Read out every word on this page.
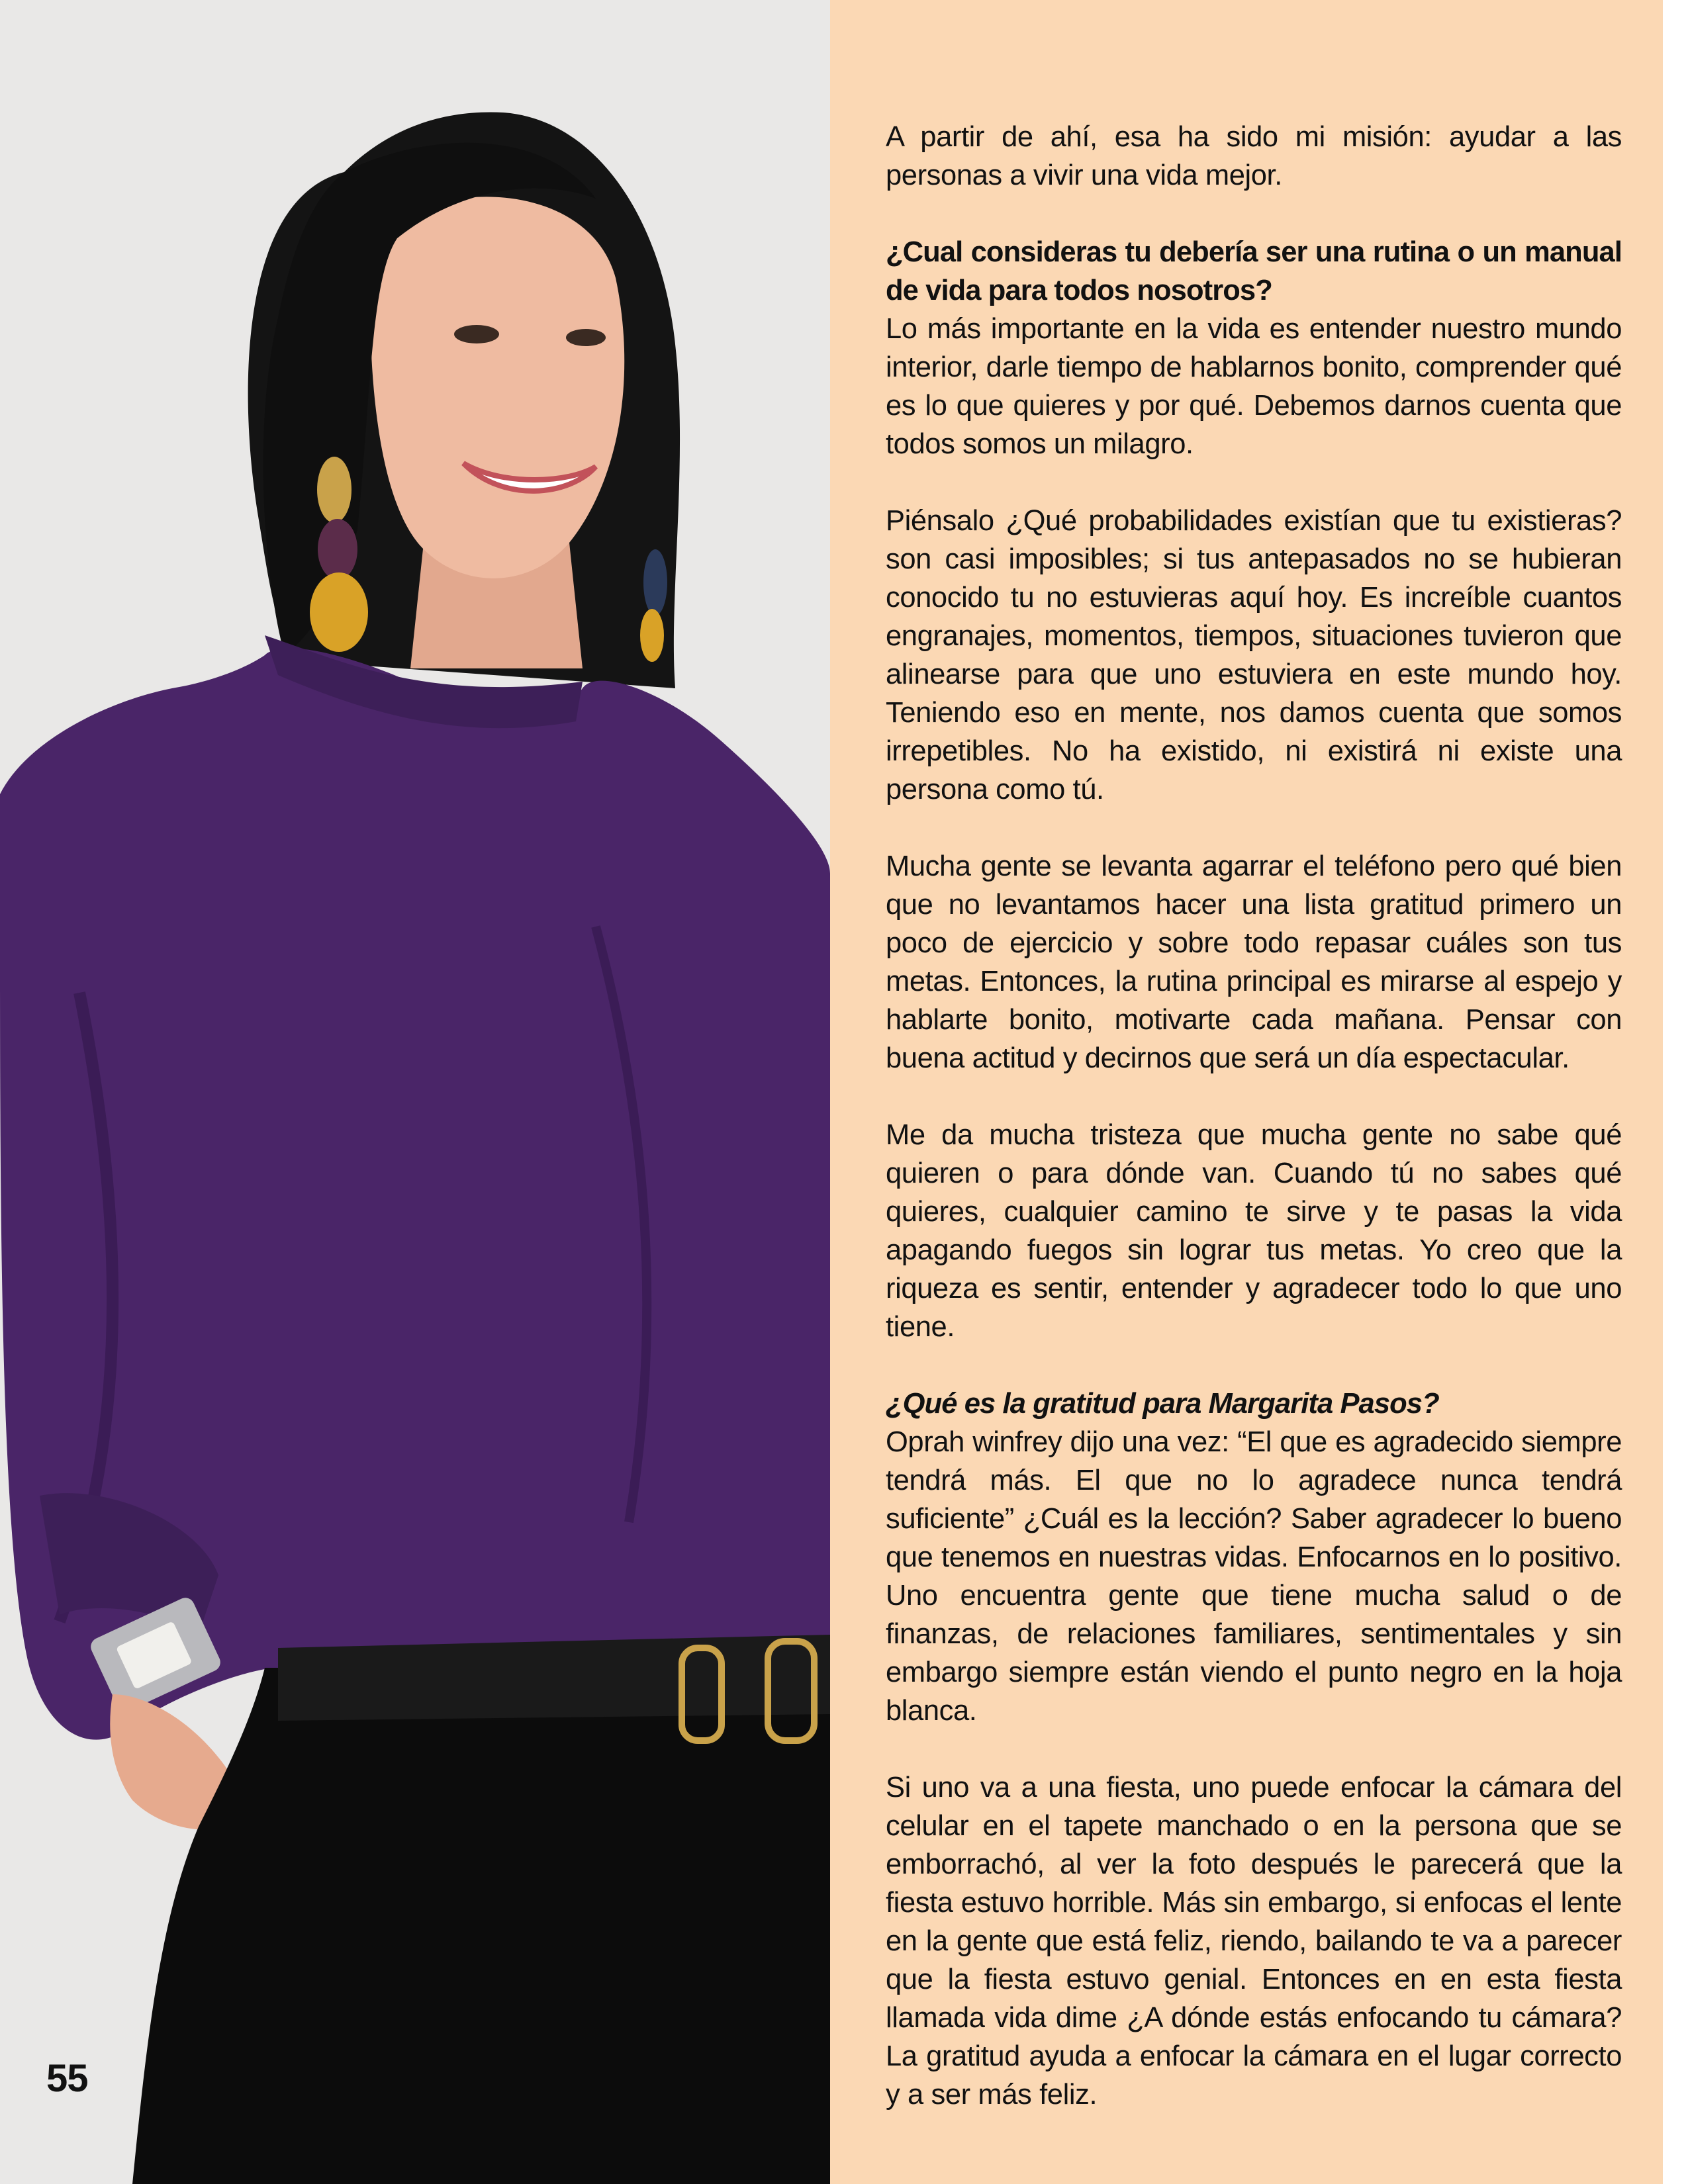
A partir de ahí, esa ha sido mi misión: ayudar a las personas a vivir una vida mejor.

¿Cual consideras tu debería ser una rutina o un manual de vida para todos nosotros?

Lo más importante en la vida es entender nuestro mundo interior, darle tiempo de hablarnos bonito, comprender qué es lo que quieres y por qué. Debemos darnos cuenta que todos somos un milagro.

Piénsalo ¿Qué probabilidades existían que tu existieras? son casi imposibles; si tus antepasados no se hubieran conocido tu no estuvieras aquí hoy. Es increíble cuantos engranajes, momentos, tiempos, situaciones tuvieron que alinearse para que uno estuviera en este mundo hoy. Teniendo eso en mente, nos damos cuenta que somos irrepetibles. No ha existido, ni existirá ni existe una persona como tú.

Mucha gente se levanta agarrar el teléfono pero qué bien que no levantamos hacer una lista gratitud primero un poco de ejercicio y sobre todo repasar cuáles son tus metas. Entonces, la rutina principal es mirarse al espejo y hablarte bonito, motivarte cada mañana. Pensar con buena actitud y decirnos que será un día espectacular.

Me da mucha tristeza que mucha gente no sabe qué quieren o para dónde van. Cuando tú no sabes qué quieres, cualquier camino te sirve y te pasas la vida apagando fuegos sin lograr tus metas. Yo creo que la riqueza es sentir, entender y agradecer todo lo que uno tiene.

¿Qué es la gratitud para Margarita Pasos?

Oprah winfrey dijo una vez: “El que es agradecido siempre tendrá más. El que no lo agradece nunca tendrá suficiente” ¿Cuál es la lección? Saber agradecer lo bueno que tenemos en nuestras vidas. Enfocarnos en lo positivo. Uno encuentra gente que tiene mucha salud o de finanzas, de relaciones familiares, sentimentales y sin embargo siempre están viendo el punto negro en la hoja blanca.

Si uno va a una fiesta, uno puede enfocar la cámara del celular en el tapete manchado o en la persona que se emborrachó, al ver la foto después le parecerá que la fiesta estuvo horrible. Más sin embargo, si enfocas el lente en la gente que está feliz, riendo, bailando te va a parecer que la fiesta estuvo genial. Entonces en en esta fiesta llamada vida dime ¿A dónde estás enfocando tu cámara? La gratitud ayuda a enfocar la cámara en el lugar correcto y a ser más feliz.

55
